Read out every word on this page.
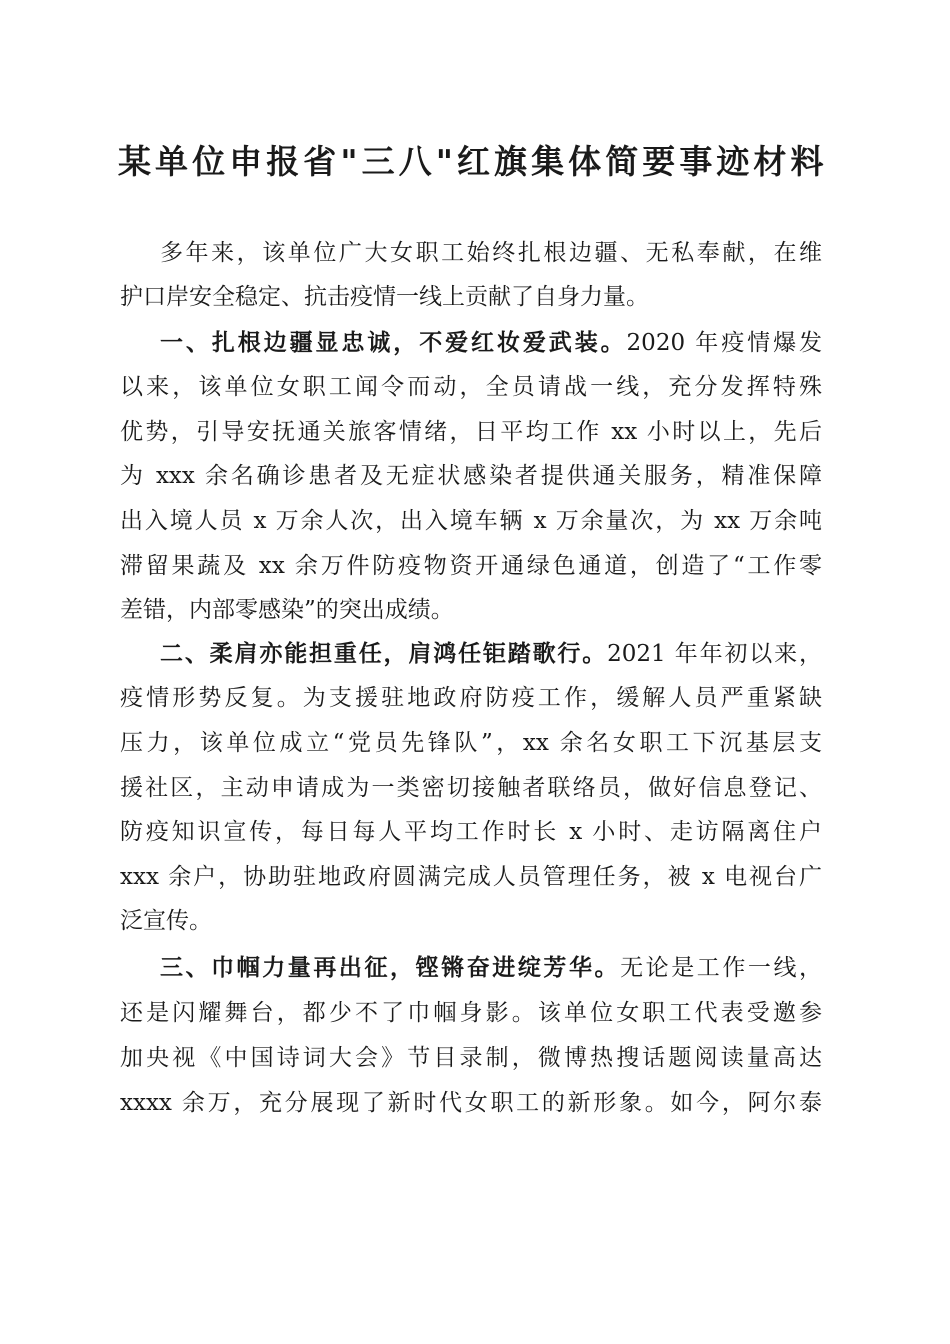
某单位申报省"三八"红旗集体简要事迹材料
多年来，该单位广大女职工始终扎根边疆、无私奉献，在维
护口岸安全稳定、抗击疫情一线上贡献了自身力量。
一、扎根边疆显忠诚，不爱红妆爱武装。2020 年疫情爆发
以来，该单位女职工闻令而动，全员请战一线，充分发挥特殊
优势，引导安抚通关旅客情绪，日平均工作 xx 小时以上，先后
为 xxx 余名确诊患者及无症状感染者提供通关服务，精准保障
出入境人员 x 万余人次，出入境车辆 x 万余量次，为 xx 万余吨
滞留果蔬及 xx 余万件防疫物资开通绿色通道，创造了“工作零
差错，内部零感染”的突出成绩。
二、柔肩亦能担重任，肩鸿任钜踏歌行。2021 年年初以来，
疫情形势反复。为支援驻地政府防疫工作，缓解人员严重紧缺
压力，该单位成立“党员先锋队”，xx 余名女职工下沉基层支
援社区，主动申请成为一类密切接触者联络员，做好信息登记、
防疫知识宣传，每日每人平均工作时长 x 小时、走访隔离住户
xxx 余户，协助驻地政府圆满完成人员管理任务，被 x 电视台广
泛宣传。
三、巾帼力量再出征，铿锵奋进绽芳华。无论是工作一线，
还是闪耀舞台，都少不了巾帼身影。该单位女职工代表受邀参
加央视《中国诗词大会》节目录制，微博热搜话题阅读量高达
xxxx 余万，充分展现了新时代女职工的新形象。如今，阿尔泰
